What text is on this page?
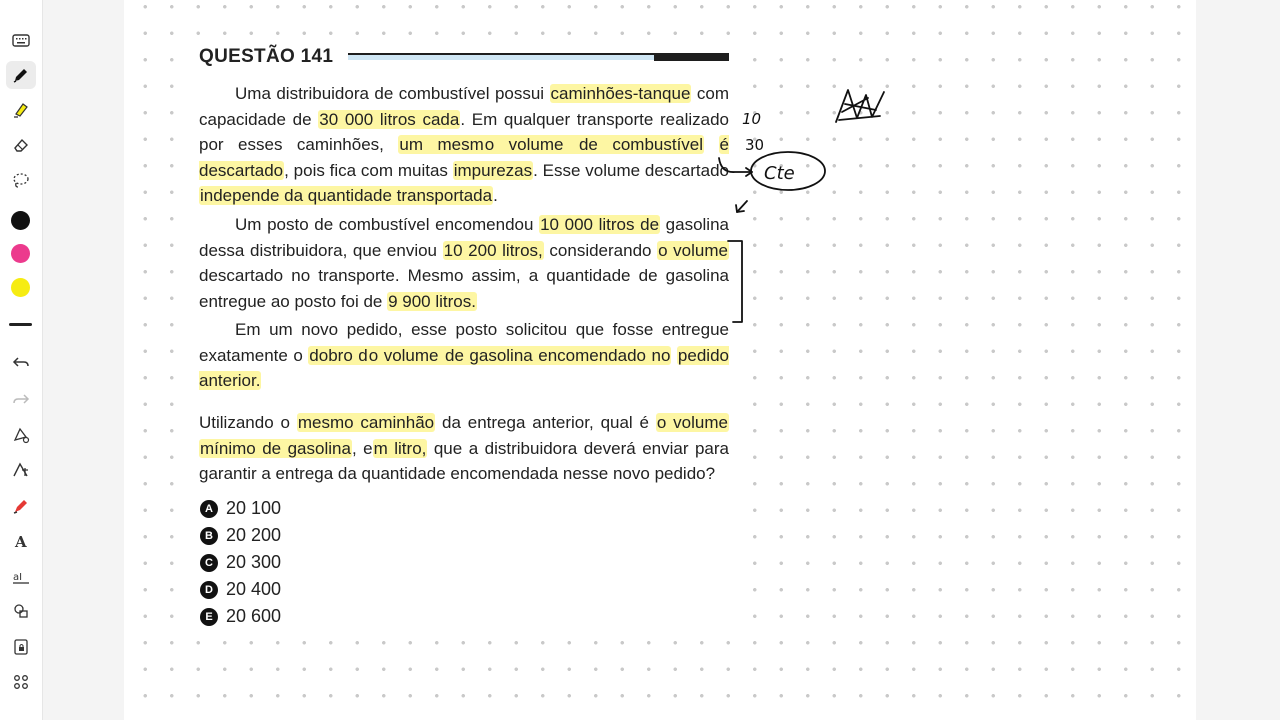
A
aI
QUESTÃO 141
Uma distribuidora de combustível possui caminhões-tanque com capacidade de 30 000 litros cada. Em qualquer transporte realizado por esses caminhões, um mesmo volume de combustível é descartado, pois fica com muitas impurezas. Esse volume descartado independe da quantidade transportada.
Um posto de combustível encomendou 10 000 litros de gasolina dessa distribuidora, que enviou 10 200 litros, considerando o volume descartado no transporte. Mesmo assim, a quantidade de gasolina entregue ao posto foi de 9 900 litros.
Em um novo pedido, esse posto solicitou que fosse entregue exatamente o dobro do volume de gasolina encomendado no pedido anterior.
Utilizando o mesmo caminhão da entrega anterior, qual é o volume mínimo de gasolina, em litro, que a distribuidora deverá enviar para garantir a entrega da quantidade encomendada nesse novo pedido?
A 20 100
B 20 200
C 20 300
D 20 400
E 20 600
10
30
Cte
